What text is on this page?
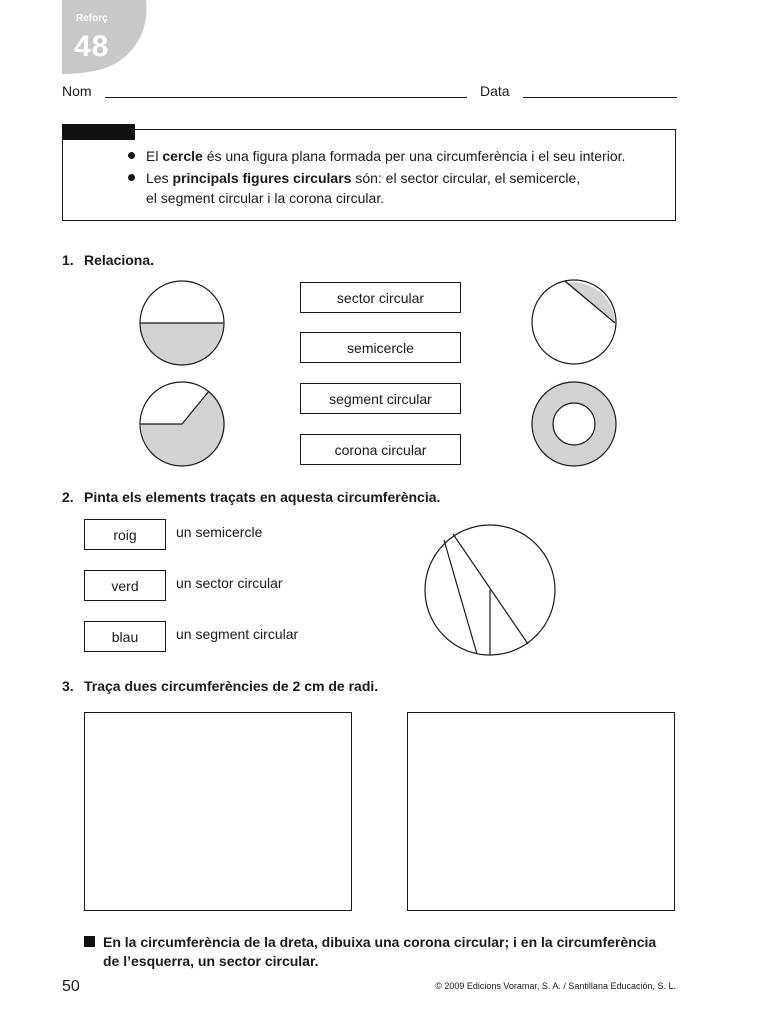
Reforç
48
Nom	Data
El cercle és una figura plana formada per una circumferència i el seu interior.
Les principals figures circulars són: el sector circular, el semicercle,
el segment circular i la corona circular.
1. Relaciona.
sector circular
semicercle
segment circular
corona circular
2. Pinta els elements traçats en aquesta circumferència.
roig	un semicercle
verd	un sector circular
blau	un segment circular
3. Traça dues circumferències de 2 cm de radi.
En la circumferència de la dreta, dibuixa una corona circular; i en la circumferència de l’esquerra, un sector circular.
50	© 2009 Edicions Voramar, S. A. / Santillana Educación, S. L.
